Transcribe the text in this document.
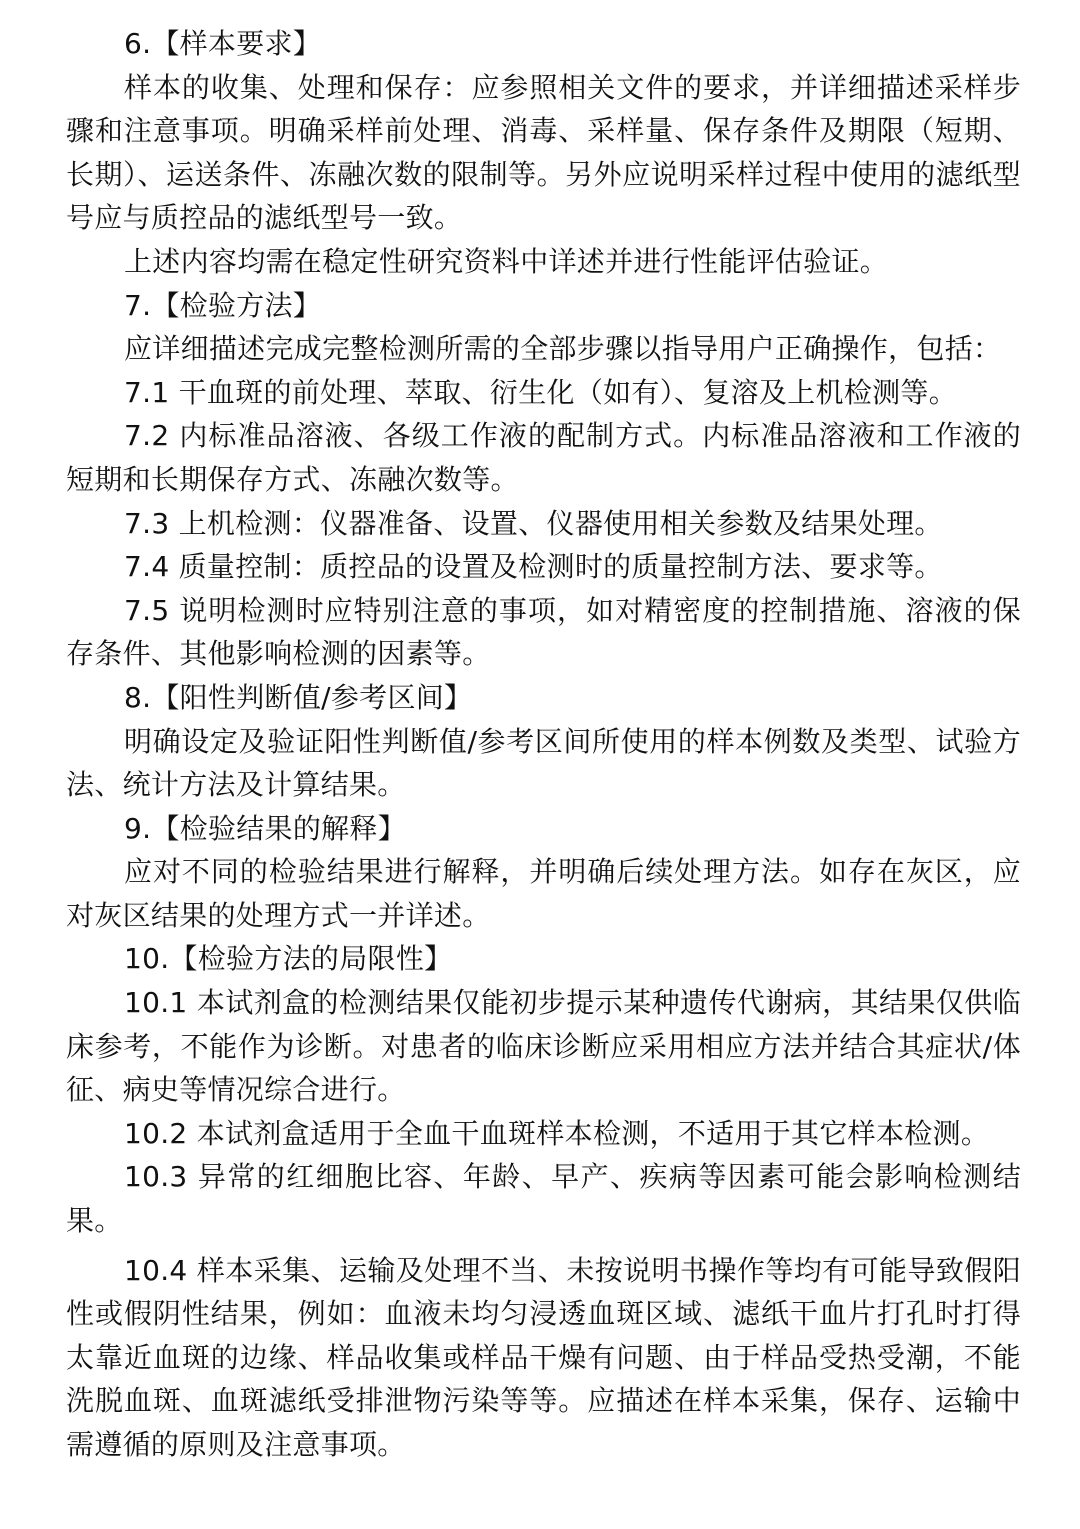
6.【样本要求】

样本的收集、处理和保存：应参照相关文件的要求，并详细描述采样步骤和注意事项。明确采样前处理、消毒、采样量、保存条件及期限（短期、长期）、运送条件、冻融次数的限制等。另外应说明采样过程中使用的滤纸型号应与质控品的滤纸型号一致。

上述内容均需在稳定性研究资料中详述并进行性能评估验证。

7.【检验方法】

应详细描述完成完整检测所需的全部步骤以指导用户正确操作，包括：

7.1 干血斑的前处理、萃取、衍生化（如有）、复溶及上机检测等。

7.2 内标准品溶液、各级工作液的配制方式。内标准品溶液和工作液的短期和长期保存方式、冻融次数等。

7.3 上机检测：仪器准备、设置、仪器使用相关参数及结果处理。

7.4 质量控制：质控品的设置及检测时的质量控制方法、要求等。

7.5 说明检测时应特别注意的事项，如对精密度的控制措施、溶液的保存条件、其他影响检测的因素等。

8.【阳性判断值/参考区间】

明确设定及验证阳性判断值/参考区间所使用的样本例数及类型、试验方法、统计方法及计算结果。

9.【检验结果的解释】

应对不同的检验结果进行解释，并明确后续处理方法。如存在灰区，应对灰区结果的处理方式一并详述。

10.【检验方法的局限性】

10.1 本试剂盒的检测结果仅能初步提示某种遗传代谢病，其结果仅供临床参考，不能作为诊断。对患者的临床诊断应采用相应方法并结合其症状/体征、病史等情况综合进行。

10.2 本试剂盒适用于全血干血斑样本检测，不适用于其它样本检测。

10.3 异常的红细胞比容、年龄、早产、疾病等因素可能会影响检测结果。

10.4 样本采集、运输及处理不当、未按说明书操作等均有可能导致假阳性或假阴性结果，例如：血液未均匀浸透血斑区域、滤纸干血片打孔时打得太靠近血斑的边缘、样品收集或样品干燥有问题、由于样品受热受潮，不能洗脱血斑、血斑滤纸受排泄物污染等等。应描述在样本采集，保存、运输中需遵循的原则及注意事项。
